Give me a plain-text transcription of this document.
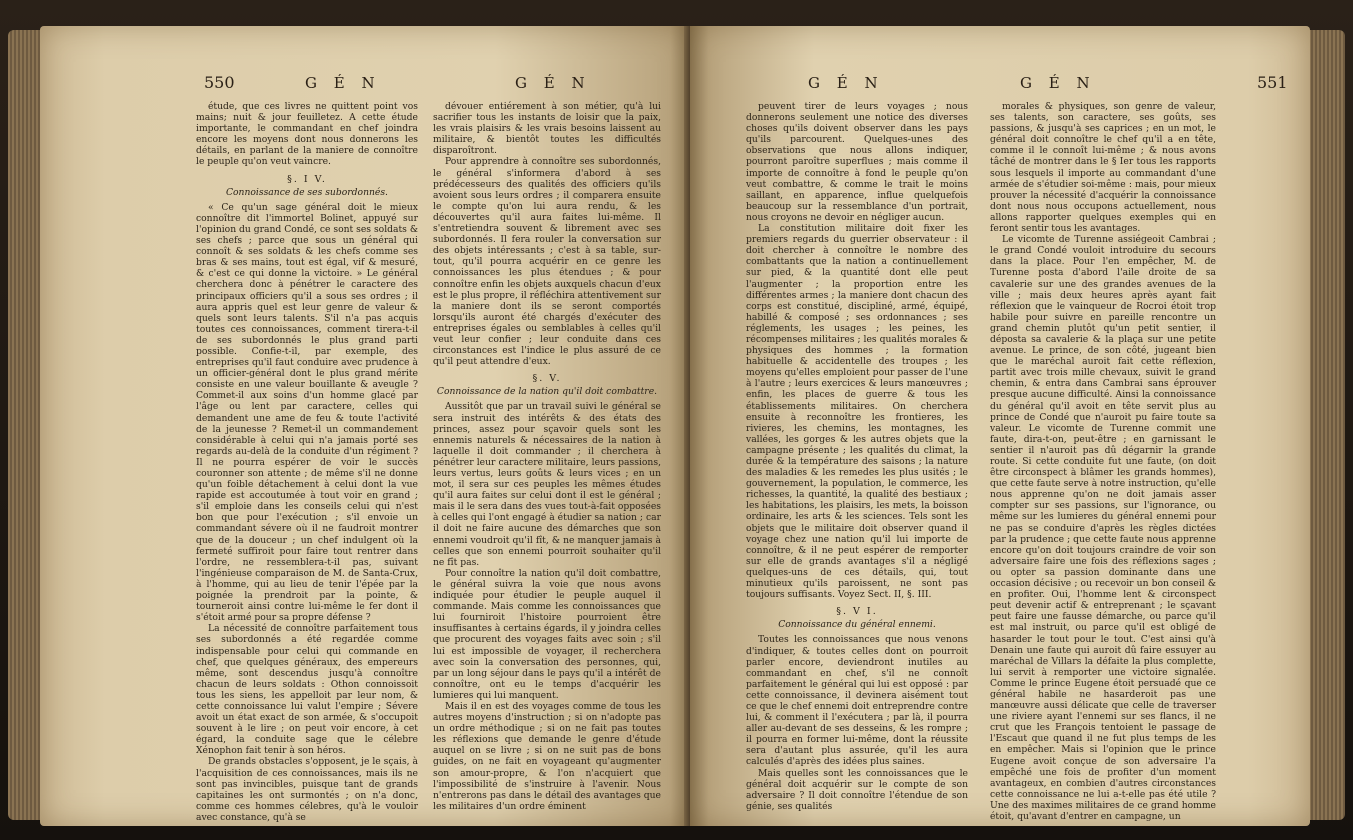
550	G É N	G É N

étude, que ces livres ne quittent point vos mains; nuit & jour feuilletez. A cette étude importante, le commandant en chef joindra encore les moyens dont nous donnerons les détails, en parlant de la maniere de connoître le peuple qu'on veut vaincre.

§. I V.

Connoissance de ses subordonnés.

« Ce qu'un sage général doit le mieux connoître dit l'immortel Bolinet, appuyé sur l'opinion du grand Condé, ce sont ses soldats & ses chefs ; parce que sous un général qui connoît & ses soldats & les chefs comme ses bras & ses mains, tout est égal, vif & mesuré, & c'est ce qui donne la victoire. » Le général cherchera donc à pénétrer le caractere des principaux officiers qu'il a sous ses ordres ; il aura appris quel est leur genre de valeur & quels sont leurs talents. S'il n'a pas acquis toutes ces connoissances, comment tirera-t-il de ses subordonnés le plus grand parti possible. Confie-t-il, par exemple, des entreprises qu'il faut conduire avec prudence à un officier-général dont le plus grand mérite consiste en une valeur bouillante & aveugle ? Commet-il aux soins d'un homme glacé par l'âge ou lent par caractere, celles qui demandent une ame de feu & toute l'activité de la jeunesse ? Remet-il un commandement considérable à celui qui n'a jamais porté ses regards au-delà de la conduite d'un régiment ? Il ne pourra espérer de voir le succès couronner son attente ; de même s'il ne donne qu'un foible détachement à celui dont la vue rapide est accoutumée à tout voir en grand ; s'il emploie dans les conseils celui qui n'est bon que pour l'exécution ; s'il envoie un commandant sévere où il ne faudroit montrer que de la douceur ; un chef indulgent où la fermeté suffiroit pour faire tout rentrer dans l'ordre, ne ressemblera-t-il pas, suivant l'ingénieuse comparaison de M. de Santa-Crux, à l'homme, qui au lieu de tenir l'épée par la poignée la prendroit par la pointe, & tourneroit ainsi contre lui-même le fer dont il s'étoit armé pour sa propre défense ?

La nécessité de connoître parfaitement tous ses subordonnés a été regardée comme indispensable pour celui qui commande en chef, que quelques généraux, des empereurs même, sont descendus jusqu'à connoître chacun de leurs soldats : Othon connoissoit tous les siens, les appelloit par leur nom, & cette connoissance lui valut l'empire ; Sévere avoit un état exact de son armée, & s'occupoit souvent à le lire ; on peut voir encore, à cet égard, la conduite sage que le célebre Xénophon fait tenir à son héros.

De grands obstacles s'opposent, je le sçais, à l'acquisition de ces connoissances, mais ils ne sont pas invincibles, puisque tant de grands capitaines les ont surmontés ; on n'a donc, comme ces hommes célebres, qu'à le vouloir avec constance, qu'à se

dévouer entiérement à son métier, qu'à lui sacrifier tous les instants de loisir que la paix, les vrais plaisirs & les vrais besoins laissent au militaire, & bientôt toutes les difficultés disparoîtront.

Pour apprendre à connoître ses subordonnés, le général s'informera d'abord à ses prédécesseurs des qualités des officiers qu'ils avoient sous leurs ordres ; il comparera ensuite le compte qu'on lui aura rendu, & les découvertes qu'il aura faites lui-même. Il s'entretiendra souvent & librement avec ses subordonnés. Il fera rouler la conversation sur des objets intéressants ; c'est à sa table, sur-tout, qu'il pourra acquérir en ce genre les connoissances les plus étendues ; & pour connoître enfin les objets auxquels chacun d'eux est le plus propre, il réfléchira attentivement sur la maniere dont ils se seront comportés lorsqu'ils auront été chargés d'exécuter des entreprises égales ou semblables à celles qu'il veut leur confier ; leur conduite dans ces circonstances est l'indice le plus assuré de ce qu'il peut attendre d'eux.

§. V.

Connoissance de la nation qu'il doit combattre.

Aussitôt que par un travail suivi le général se sera instruit des intérêts & des états des princes, assez pour sçavoir quels sont les ennemis naturels & nécessaires de la nation à laquelle il doit commander ; il cherchera à pénétrer leur caractere militaire, leurs passions, leurs vertus, leurs goûts & leurs vices ; en un mot, il sera sur ces peuples les mêmes études qu'il aura faites sur celui dont il est le général ; mais il le sera dans des vues tout-à-fait opposées à celles qui l'ont engagé à étudier sa nation ; car il doit ne faire aucune des démarches que son ennemi voudroit qu'il fît, & ne manquer jamais à celles que son ennemi pourroit souhaiter qu'il ne fît pas.

Pour connoître la nation qu'il doit combattre, le général suivra la voie que nous avons indiquée pour étudier le peuple auquel il commande. Mais comme les connoissances que lui fourniroit l'histoire pourroient être insuffisantes à certains égards, il y joindra celles que procurent des voyages faits avec soin ; s'il lui est impossible de voyager, il recherchera avec soin la conversation des personnes, qui, par un long séjour dans le pays qu'il a intérêt de connoître, ont eu le temps d'acquérir les lumieres qui lui manquent.

Mais il en est des voyages comme de tous les autres moyens d'instruction ; si on n'adopte pas un ordre méthodique ; si on ne fait pas toutes les réflexions que demande le genre d'étude auquel on se livre ; si on ne suit pas de bons guides, on ne fait en voyageant qu'augmenter son amour-propre, & l'on n'acquiert que l'impossibilité de s'instruire à l'avenir. Nous n'entrerons pas dans le détail des avantages que les militaires d'un ordre éminent

G É N	G É N	551

peuvent tirer de leurs voyages ; nous donnerons seulement une notice des diverses choses qu'ils doivent observer dans les pays qu'ils parcourent. Quelques-unes des observations que nous allons indiquer, pourront paroître superflues ; mais comme il importe de connoître à fond le peuple qu'on veut combattre, & comme le trait le moins saillant, en apparence, influe quelquefois beaucoup sur la ressemblance d'un portrait, nous croyons ne devoir en négliger aucun.

La constitution militaire doit fixer les premiers regards du guerrier observateur : il doit chercher à connoître le nombre des combattants que la nation a continuellement sur pied, & la quantité dont elle peut l'augmenter ; la proportion entre les différentes armes ; la maniere dont chacun des corps est constitué, discipliné, armé, équipé, habillé & composé ; ses ordonnances ; ses réglements, les usages ; les peines, les récompenses militaires ; les qualités morales & physiques des hommes ; la formation habituelle & accidentelle des troupes ; les moyens qu'elles emploient pour passer de l'une à l'autre ; leurs exercices & leurs manœuvres ; enfin, les places de guerre & tous les établissements militaires. On cherchera ensuite à reconnoître les frontieres, les rivieres, les chemins, les montagnes, les vallées, les gorges & les autres objets que la campagne présente ; les qualités du climat, la durée & la température des saisons ; la nature des maladies & les remedes les plus usités ; le gouvernement, la population, le commerce, les richesses, la quantité, la qualité des bestiaux ; les habitations, les plaisirs, les mets, la boisson ordinaire, les arts & les sciences. Tels sont les objets que le militaire doit observer quand il voyage chez une nation qu'il lui importe de connoître, & il ne peut espérer de remporter sur elle de grands avantages s'il a négligé quelques-uns de ces détails, qui, tout minutieux qu'ils paroissent, ne sont pas toujours suffisants. Voyez Sect. II, §. III.

§. V I.

Connoissance du général ennemi.

Toutes les connoissances que nous venons d'indiquer, & toutes celles dont on pourroit parler encore, deviendront inutiles au commandant en chef, s'il ne connoît parfaitement le général qui lui est opposé : par cette connoissance, il devinera aisément tout ce que le chef ennemi doit entreprendre contre lui, & comment il l'exécutera ; par là, il pourra aller au-devant de ses desseins, & les rompre ; il pourra en former lui-même, dont la réussite sera d'autant plus assurée, qu'il les aura calculés d'après des idées plus saines.

Mais quelles sont les connoissances que le général doit acquérir sur le compte de son adversaire ? Il doit connoître l'étendue de son génie, ses qualités

morales & physiques, son genre de valeur, ses talents, son caractere, ses goûts, ses passions, & jusqu'à ses caprices ; en un mot, le général doit connoître le chef qu'il a en tête, comme il le connoît lui-même ; & nous avons tâché de montrer dans le § Ier tous les rapports sous lesquels il importe au commandant d'une armée de s'étudier soi-même : mais, pour mieux prouver la nécessité d'acquérir la connoissance dont nous nous occupons actuellement, nous allons rapporter quelques exemples qui en feront sentir tous les avantages.

Le vicomte de Turenne assiégeoit Cambrai ; le grand Condé vouloit introduire du secours dans la place. Pour l'en empêcher, M. de Turenne posta d'abord l'aile droite de sa cavalerie sur une des grandes avenues de la ville ; mais deux heures après ayant fait réflexion que le vainqueur de Rocroi étoit trop habile pour suivre en pareille rencontre un grand chemin plutôt qu'un petit sentier, il déposta sa cavalerie & la plaça sur une petite avenue. Le prince, de son côté, jugeant bien que le maréchal auroit fait cette réflexion, partit avec trois mille chevaux, suivit le grand chemin, & entra dans Cambrai sans éprouver presque aucune difficulté. Ainsi la connoissance du général qu'il avoit en tête servit plus au prince de Condé que n'auroit pu faire toute sa valeur. Le vicomte de Turenne commit une faute, dira-t-on, peut-être ; en garnissant le sentier il n'auroit pas dû dégarnir la grande route. Si cette conduite fut une faute, (on doit être circonspect à blâmer les grands hommes), que cette faute serve à notre instruction, qu'elle nous apprenne qu'on ne doit jamais asser compter sur ses passions, sur l'ignorance, ou même sur les lumieres du général ennemi pour ne pas se conduire d'après les règles dictées par la prudence ; que cette faute nous apprenne encore qu'on doit toujours craindre de voir son adversaire faire une fois des réflexions sages ; ou opter sa passion dominante dans une occasion décisive ; ou recevoir un bon conseil & en profiter. Oui, l'homme lent & circonspect peut devenir actif & entreprenant ; le sçavant peut faire une fausse démarche, ou parce qu'il est mal instruit, ou parce qu'il est obligé de hasarder le tout pour le tout. C'est ainsi qu'à Denain une faute qui auroit dû faire essuyer au maréchal de Villars la défaite la plus complette, lui servit à remporter une victoire signalée. Comme le prince Eugene étoit persuadé que ce général habile ne hasarderoit pas une manœuvre aussi délicate que celle de traverser une riviere ayant l'ennemi sur ses flancs, il ne crut que les François tentoient le passage de l'Escaut que quand il ne fut plus temps de les en empêcher. Mais si l'opinion que le prince Eugene avoit conçue de son adversaire l'a empêché une fois de profiter d'un moment avantageux, en combien d'autres circonstances cette connoissance ne lui a-t-elle pas été utile ? Une des maximes militaires de ce grand homme étoit, qu'avant d'entrer en campagne, un
